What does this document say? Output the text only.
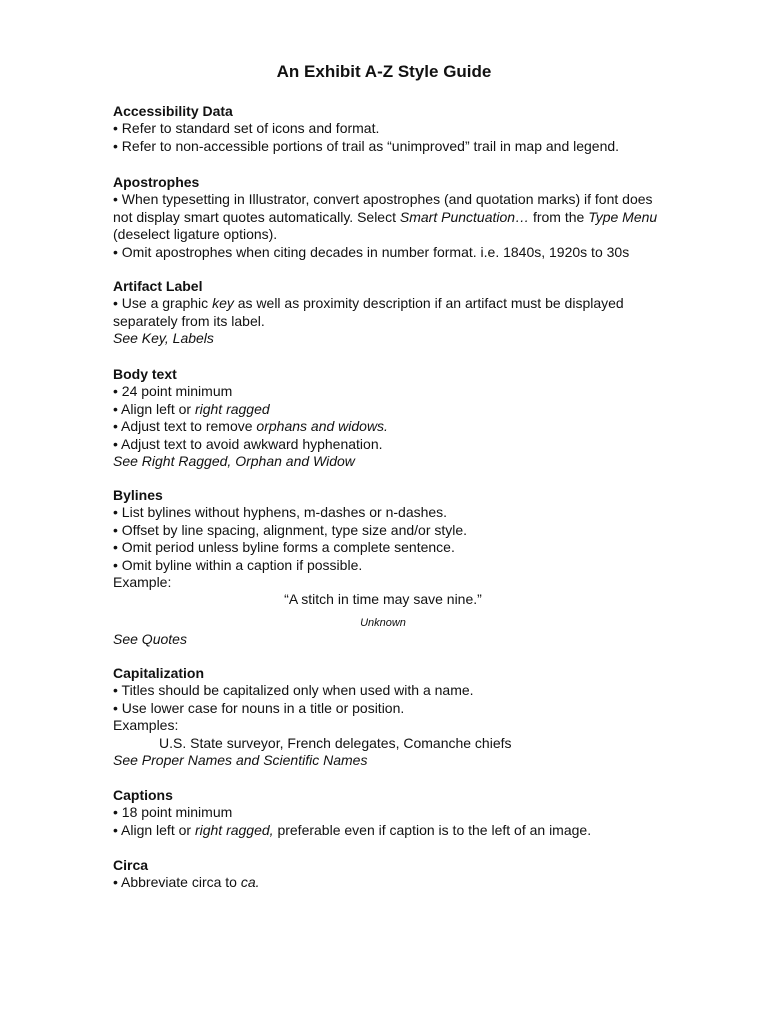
An Exhibit A-Z Style Guide
Accessibility Data
• Refer to standard set of icons and format.
• Refer to non-accessible portions of trail as “unimproved” trail in map and legend.
Apostrophes
• When typesetting in Illustrator, convert apostrophes (and quotation marks) if font does
not display smart quotes automatically. Select Smart Punctuation… from the Type Menu
(deselect ligature options).
• Omit apostrophes when citing decades in number format. i.e. 1840s, 1920s to 30s
Artifact Label
• Use a graphic key as well as proximity description if an artifact must be displayed
separately from its label.
See Key, Labels
Body text
• 24 point minimum
• Align left or right ragged
• Adjust text to remove orphans and widows.
• Adjust text to avoid awkward hyphenation.
See Right Ragged, Orphan and Widow
Bylines
• List bylines without hyphens, m-dashes or n-dashes.
• Offset by line spacing, alignment, type size and/or style.
• Omit period unless byline forms a complete sentence.
• Omit byline within a caption if possible.
Example:
“A stitch in time may save nine.”
Unknown
See Quotes
Capitalization
• Titles should be capitalized only when used with a name.
• Use lower case for nouns in a title or position.
Examples:
U.S. State surveyor, French delegates, Comanche chiefs
See Proper Names and Scientific Names
Captions
• 18 point minimum
• Align left or right ragged, preferable even if caption is to the left of an image.
Circa
• Abbreviate circa to ca.
